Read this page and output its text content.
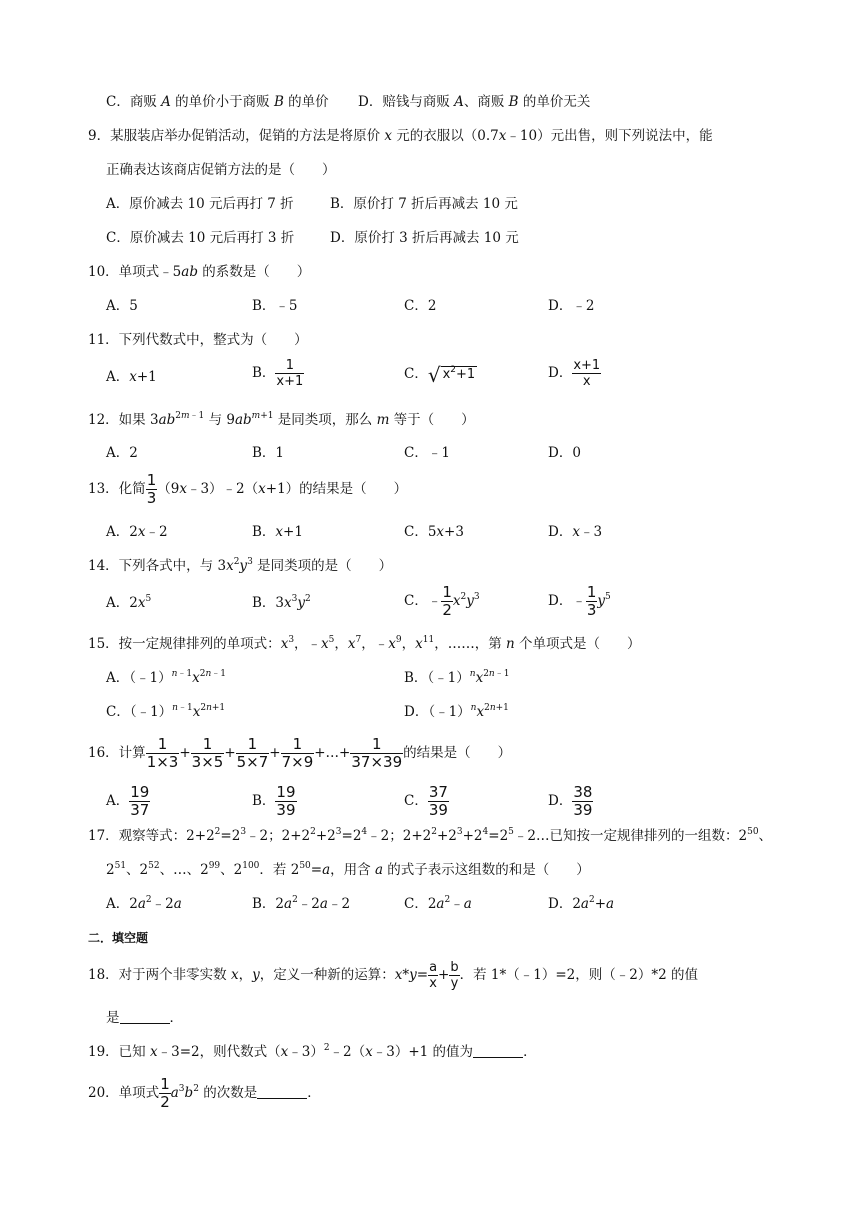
C．商贩 A 的单价小于商贩 B 的单价 D．赔钱与商贩 A、商贩 B 的单价无关
9．某服装店举办促销活动，促销的方法是将原价 x 元的衣服以（0.7x﹣10）元出售，则下列说法中，能
正确表达该商店促销方法的是（　　）
A．原价减去 10 元后再打 7 折	B．原价打 7 折后再减去 10 元
C．原价减去 10 元后再打 3 折	D．原价打 3 折后再减去 10 元
10．单项式﹣5ab 的系数是（　　）
A．5	B．﹣5	C．2	D．﹣2
11．下列代数式中，整式为（　　）
A．x+1	B． $\frac{1}{x+1}$	C．√ $x^2+1$	D． $\frac{x+1}{x}$
12．如果 $3ab^{2m﹣1}$ 与 $9ab^{m+1}$ 是同类项，那么 m 等于（　　）
A．2	B．1	C．﹣1	D．0
13．化简 $\frac{1}{3}$ （9x﹣3）﹣2（x+1）的结果是（　　）
A．2x﹣2	B．x+1	C．5x+3	D．x﹣3
14．下列各式中，与 $3x^2y^3$ 是同类项的是（　　）
A．$2x^5$	B．$3x^3y^2$	C．﹣ $\frac{1}{2} x^2y^3$	D．﹣ $\frac{1}{3} y^5$
15．按一定规律排列的单项式：$x^3$，$﹣x^5$，$x^7$，$﹣x^9$，$x^{11}$，……，第 n 个单项式是（　　）
A．$(﹣1)^{n﹣1}x^{2n﹣1}$	B．$(﹣1)^nx^{2n﹣1}$
C．$(﹣1)^{n﹣1}x^{2n+1}$	D．$(﹣1)^nx^{2n+1}$
16．计算 $\frac{1}{1\times 3} + \frac{1}{3\times 5} + \frac{1}{5\times 7} + \frac{1}{7\times 9}$ +…+ $\frac{1}{37\times 39}$ 的结果是（　　）
A． $\frac{19}{37}$	B． $\frac{19}{39}$	C． $\frac{37}{39}$	D． $\frac{38}{39}$
17．观察等式：$2+2^2=2^3﹣2$；$2+2^2+2^3=2^4﹣2$；$2+2^2+2^3+2^4=2^5﹣2\dots$已知按一定规律排列的一组数：$2^{50}$、
$2^{51}$、$2^{52}$、…、$2^{99}$、$2^{100}$．若 $2^{50}=a$，用含 a 的式子表示这组数的和是（　　）
A．$2a^2﹣2a$	B．$2a^2﹣2a﹣2$	C．$2a^2﹣a$	D．$2a^2+a$
二．填空题
18．对于两个非零实数 x，y，定义一种新的运算：$x*y= \frac{a}{x} + \frac{b}{y}$ ．若 1*（﹣1）=2，则（﹣2）*2 的值
是	．
19．已知 x﹣3=2，则代数式（x﹣3）$^2$﹣2（x﹣3）+1 的值为	．
20．单项式 $\frac{1}{2} a^3b^2$ 的次数是	．
